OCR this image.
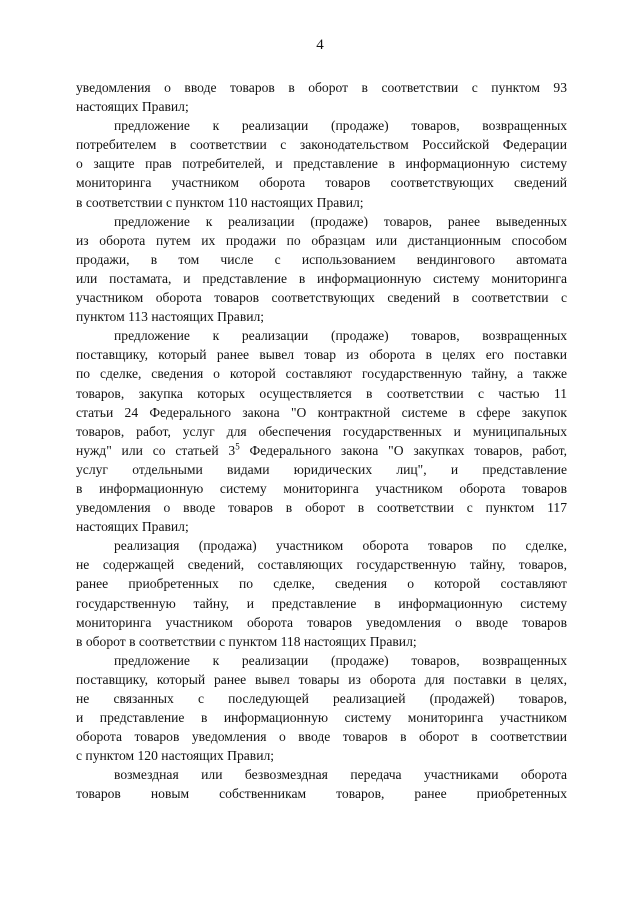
4
уведомления о вводе товаров в оборот в соответствии с пунктом 93
настоящих Правил;
предложение к реализации (продаже) товаров, возвращенных
потребителем в соответствии с законодательством Российской Федерации
о защите прав потребителей, и представление в информационную систему
мониторинга участником оборота товаров соответствующих сведений
в соответствии с пунктом 110 настоящих Правил;
предложение к реализации (продаже) товаров, ранее выведенных
из оборота путем их продажи по образцам или дистанционным способом
продажи, в том числе с использованием вендингового автомата
или постамата, и представление в информационную систему мониторинга
участником оборота товаров соответствующих сведений в соответствии с
пунктом 113 настоящих Правил;
предложение к реализации (продаже) товаров, возвращенных
поставщику, который ранее вывел товар из оборота в целях его поставки
по сделке, сведения о которой составляют государственную тайну, а также
товаров, закупка которых осуществляется в соответствии с частью 11
статьи 24 Федерального закона "О контрактной системе в сфере закупок
товаров, работ, услуг для обеспечения государственных и муниципальных
нужд" или со статьей $3^5$ Федерального закона "О закупках товаров, работ,
услуг отдельными видами юридических лиц", и представление
в информационную систему мониторинга участником оборота товаров
уведомления о вводе товаров в оборот в соответствии с пунктом 117
настоящих Правил;
реализация (продажа) участником оборота товаров по сделке,
не содержащей сведений, составляющих государственную тайну, товаров,
ранее приобретенных по сделке, сведения о которой составляют
государственную тайну, и представление в информационную систему
мониторинга участником оборота товаров уведомления о вводе товаров
в оборот в соответствии с пунктом 118 настоящих Правил;
предложение к реализации (продаже) товаров, возвращенных
поставщику, который ранее вывел товары из оборота для поставки в целях,
не связанных с последующей реализацией (продажей) товаров,
и представление в информационную систему мониторинга участником
оборота товаров уведомления о вводе товаров в оборот в соответствии
с пунктом 120 настоящих Правил;
возмездная или безвозмездная передача участниками оборота
товаров новым собственникам товаров, ранее приобретенных
